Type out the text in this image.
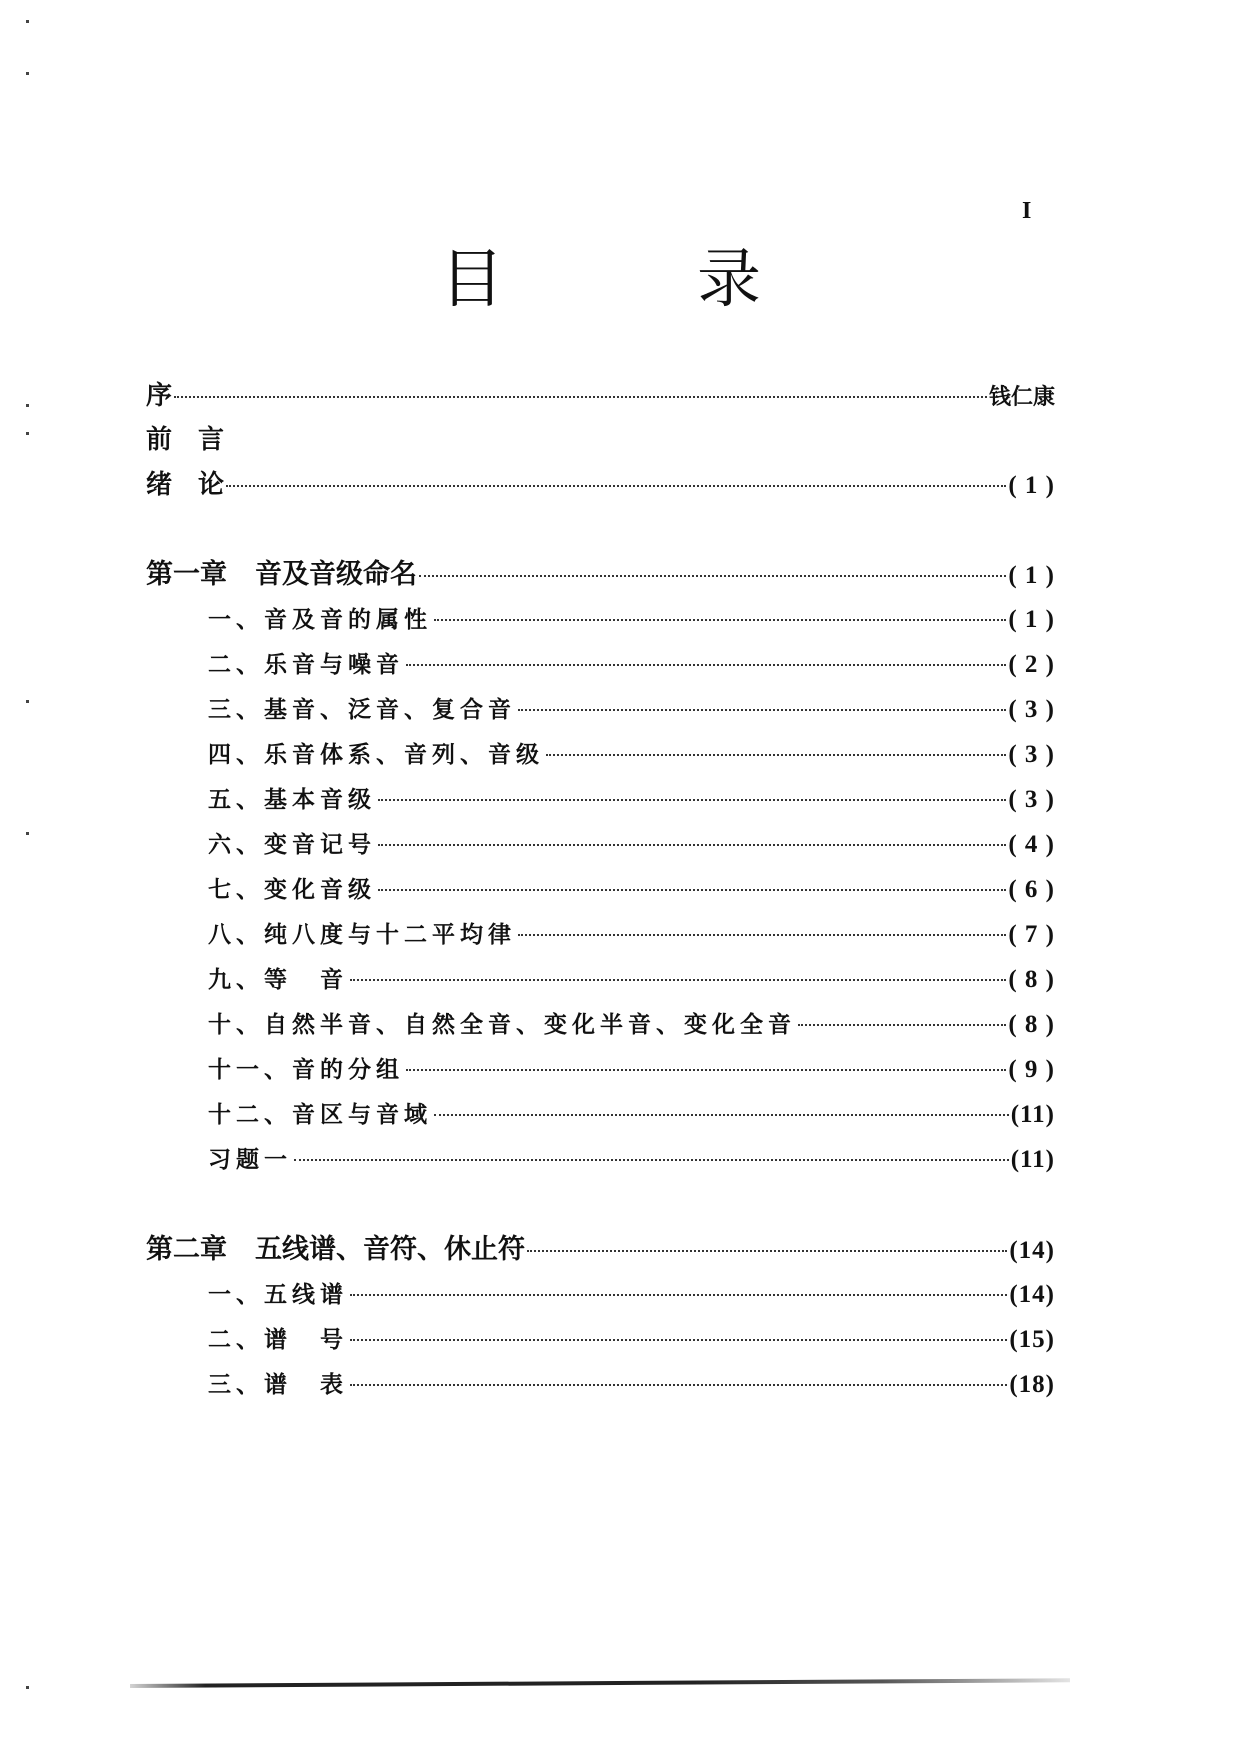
I
目	录
序	钱仁康
前　言
绪　论	( 1 )
第一章 音及音级命名	( 1 )
一、音及音的属性	( 1 )
二、乐音与噪音	( 2 )
三、基音、泛音、复合音	( 3 )
四、乐音体系、音列、音级	( 3 )
五、基本音级	( 3 )
六、变音记号	( 4 )
七、变化音级	( 6 )
八、纯八度与十二平均律	( 7 )
九、等　音	( 8 )
十、自然半音、自然全音、变化半音、变化全音	( 8 )
十一、音的分组	( 9 )
十二、音区与音域	(11)
习题一	(11)
第二章 五线谱、音符、休止符	(14)
一、五线谱	(14)
二、谱　号	(15)
三、谱　表	(18)
